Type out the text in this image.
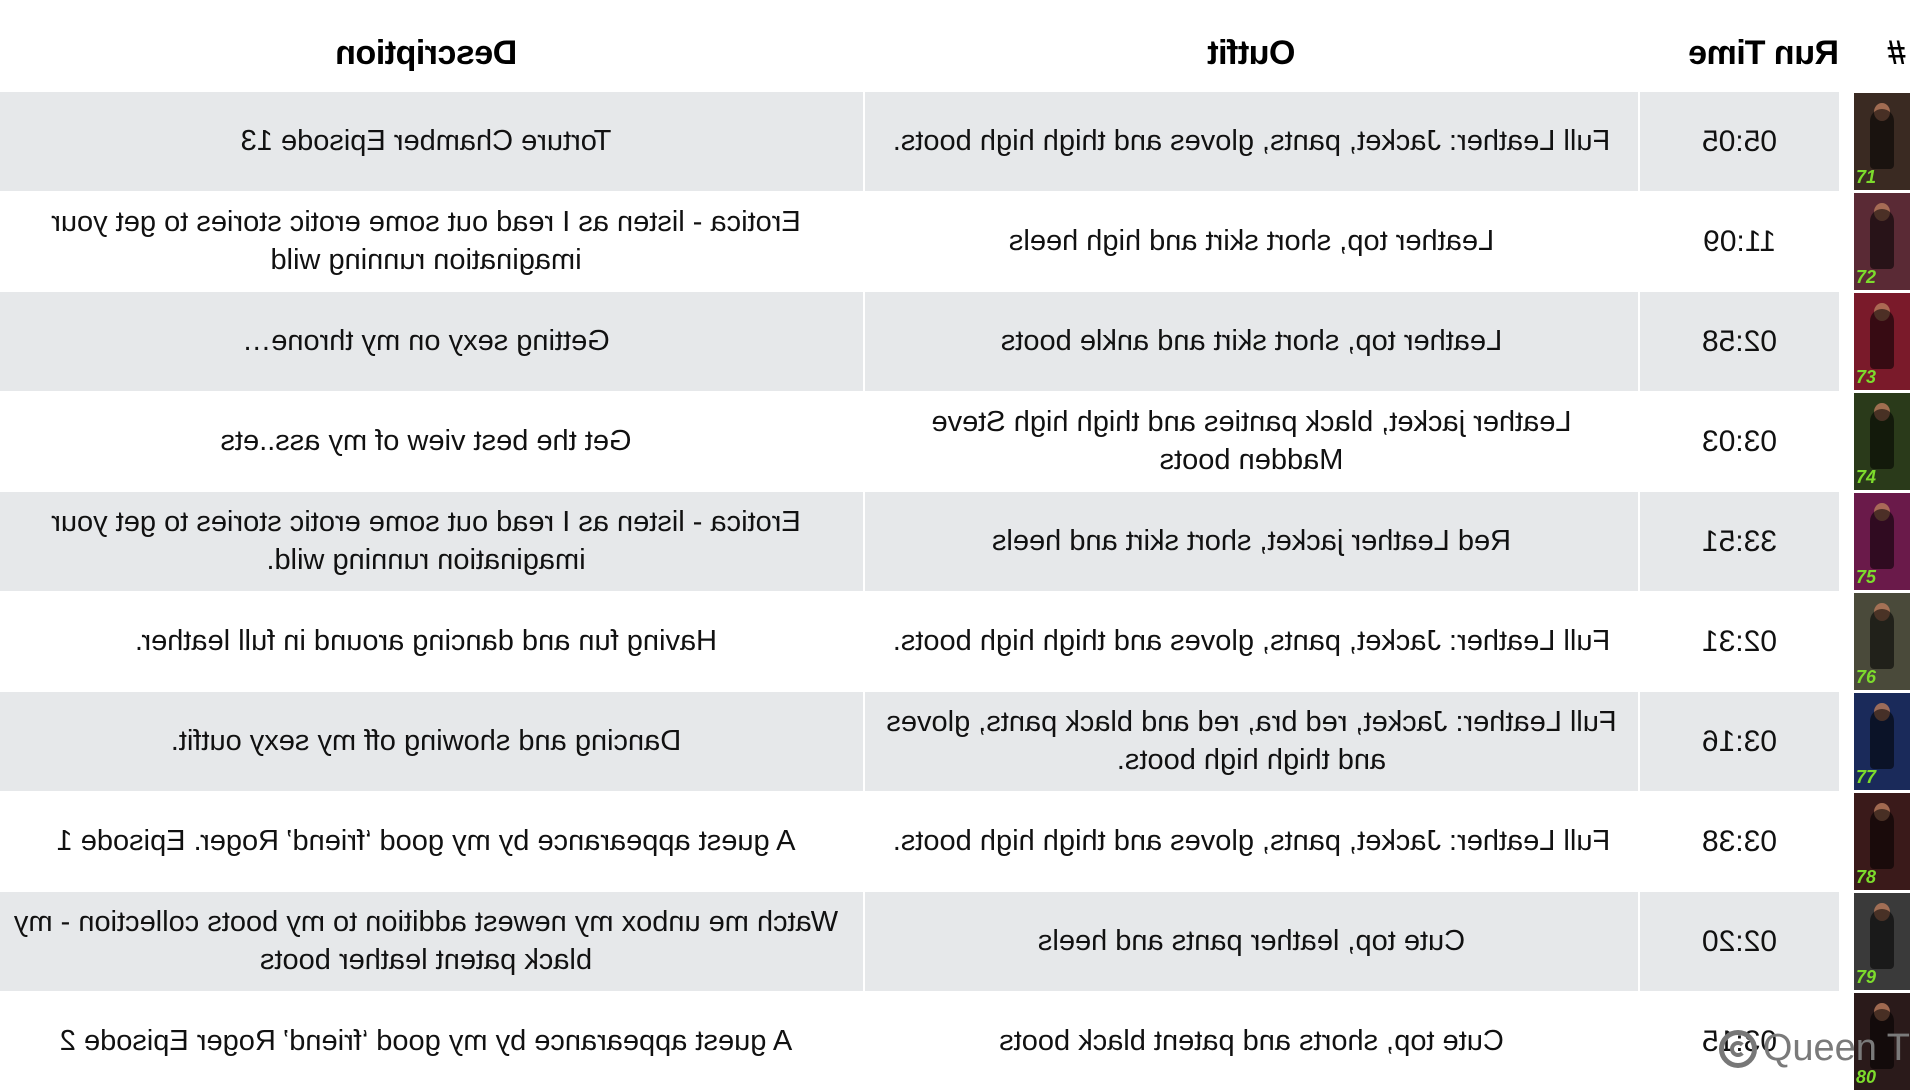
#		Run Time	Outfit	Description

71		05:05	Full Leather: Jacket, pants, gloves and thigh high boots.	Torture Chamber Episode 13

72		11:09	Leather top, short skirt and high heels	Erotica - listen as I read out some erotic stories to get your imagination running wild

73		02:58	Leather top, short skirt and ankle boots	Getting sexy on my throne…

74		03:03	Leather jacket, black panties and thigh high Steve Madden boots	Get the best view of my ass..ets

75		33:51	Red Leather jacket, short skirt and heels	Erotica - listen as I read out some erotic stories to get your imagination running wild.

76		02:31	Full Leather: Jacket, pants, gloves and thigh high boots.	Having fun and dancing around in full leather.

77		03:16	Full Leather: Jacket, red bra, red and black pants, gloves and thigh high boots.	Dancing and showing off my sexy outfit.

78		03:38	Full Leather: Jacket, pants, gloves and thigh high boots.	A guest appearance by my good ‘friend’ Roger. Episode 1

79		02:20	Cute top, leather pants and heels	Watch me unbox my newest addition to my boots collection - my black patent leather boots

80		03:15	Cute top, shorts and patent black boots	A guest appearance by my good ‘friend’ Roger Episode 2	Queen T
